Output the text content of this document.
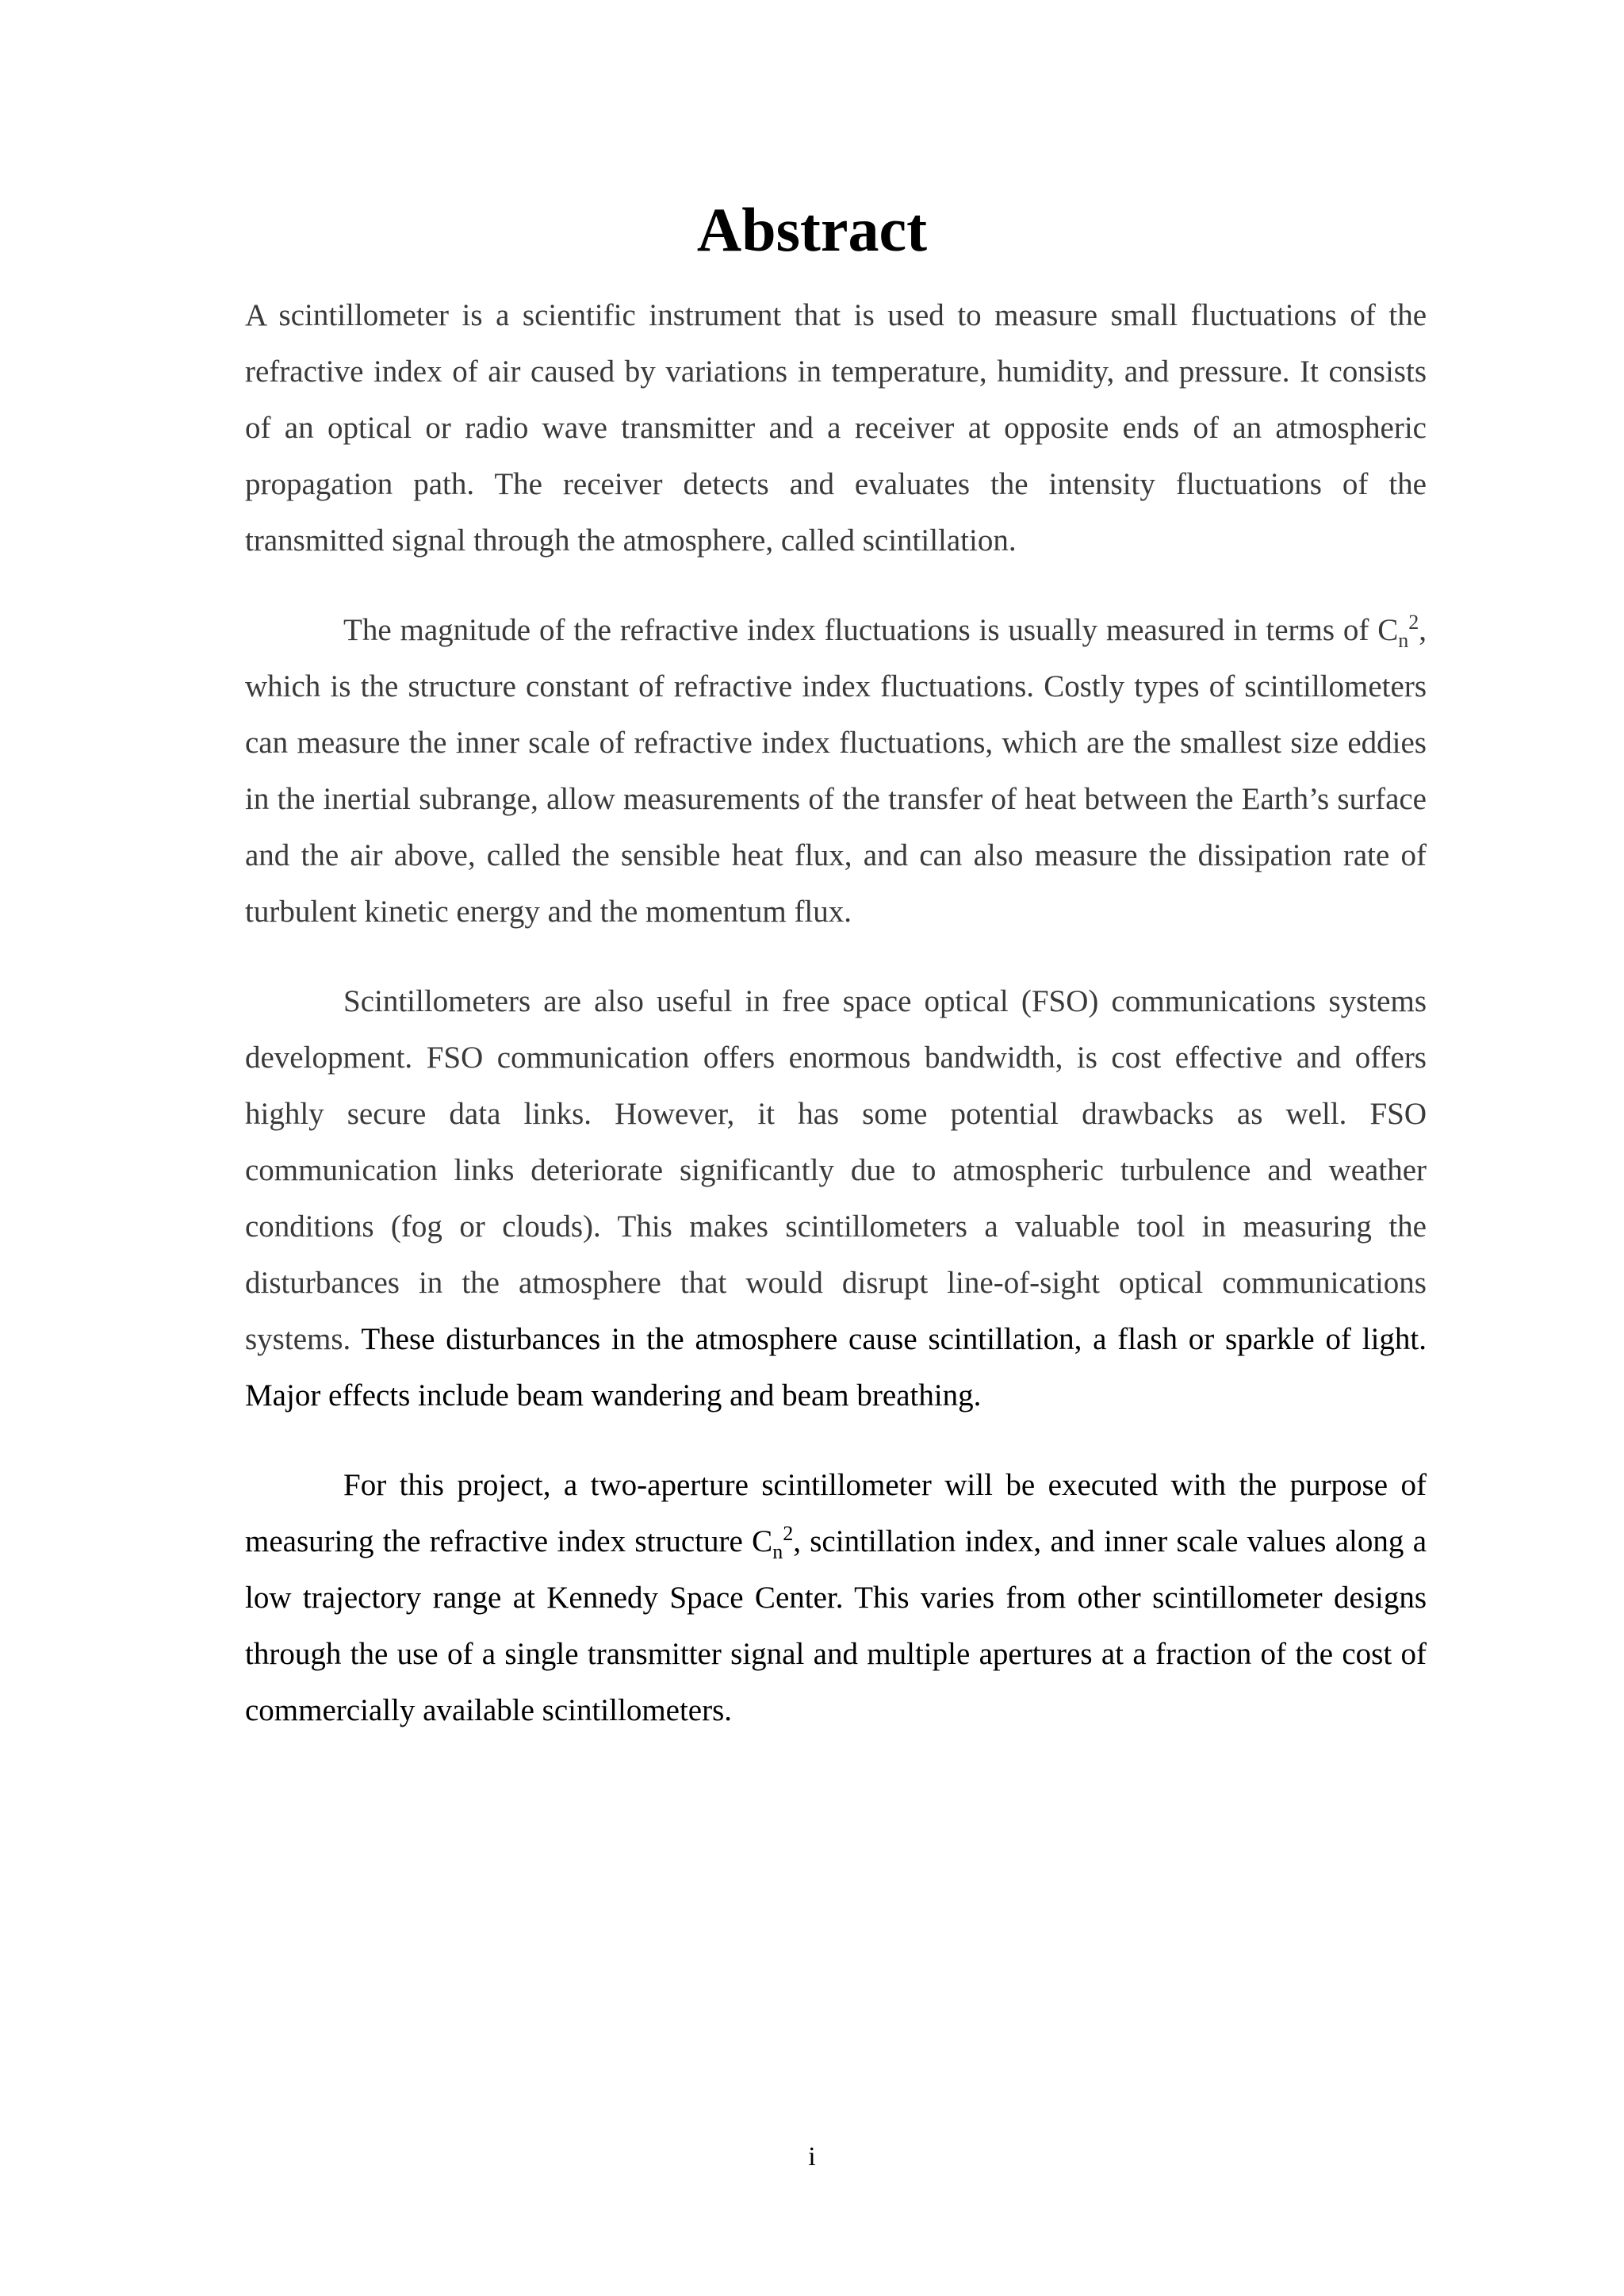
Abstract

A scintillometer is a scientific instrument that is used to measure small fluctuations of the refractive index of air caused by variations in temperature, humidity, and pressure. It consists of an optical or radio wave transmitter and a receiver at opposite ends of an atmospheric propagation path. The receiver detects and evaluates the intensity fluctuations of the transmitted signal through the atmosphere, called scintillation.

The magnitude of the refractive index fluctuations is usually measured in terms of $C_n^2$, which is the structure constant of refractive index fluctuations. Costly types of scintillometers can measure the inner scale of refractive index fluctuations, which are the smallest size eddies in the inertial subrange, allow measurements of the transfer of heat between the Earth’s surface and the air above, called the sensible heat flux, and can also measure the dissipation rate of turbulent kinetic energy and the momentum flux.

Scintillometers are also useful in free space optical (FSO) communications systems development. FSO communication offers enormous bandwidth, is cost effective and offers highly secure data links. However, it has some potential drawbacks as well. FSO communication links deteriorate significantly due to atmospheric turbulence and weather conditions (fog or clouds). This makes scintillometers a valuable tool in measuring the disturbances in the atmosphere that would disrupt line-of-sight optical communications systems. These disturbances in the atmosphere cause scintillation, a flash or sparkle of light. Major effects include beam wandering and beam breathing.

For this project, a two-aperture scintillometer will be executed with the purpose of measuring the refractive index structure $C_n^2$, scintillation index, and inner scale values along a low trajectory range at Kennedy Space Center. This varies from other scintillometer designs through the use of a single transmitter signal and multiple apertures at a fraction of the cost of commercially available scintillometers.

i
